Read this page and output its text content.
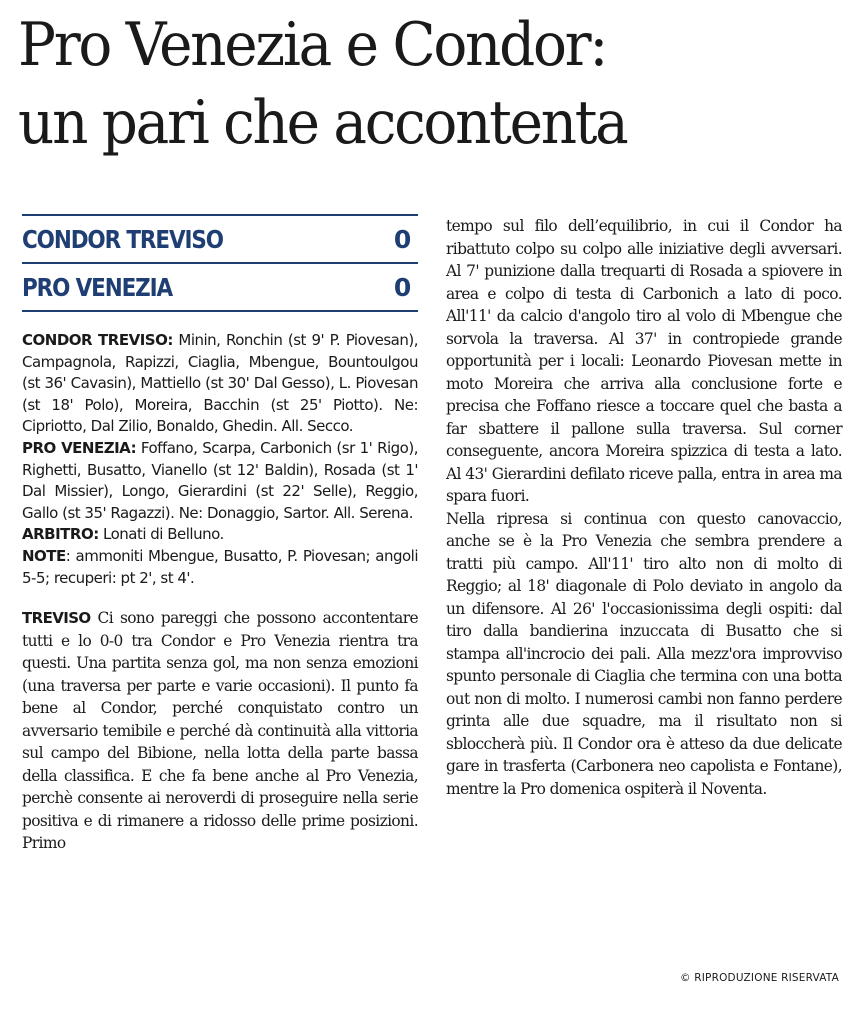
Pro Venezia e Condor:
un pari che accontenta
CONDOR TREVISO	0
PRO VENEZIA	0

CONDOR TREVISO: Minin, Ronchin (st 9' P. Piovesan), Campagnola, Rapizzi, Ciaglia, Mbengue, Bountoulgou (st 36' Cavasin), Mattiello (st 30' Dal Gesso), L. Piovesan (st 18' Polo), Moreira, Bacchin (st 25' Piotto). Ne: Cipriotto, Dal Zilio, Bonaldo, Ghedin. All. Secco.

PRO VENEZIA: Foffano, Scarpa, Carbonich (sr 1' Rigo), Righetti, Busatto, Vianello (st 12' Baldin), Rosada (st 1' Dal Missier), Longo, Gierardini (st 22' Selle), Reggio, Gallo (st 35' Ragazzi). Ne: Donaggio, Sartor. All. Serena.

ARBITRO: Lonati di Belluno.

NOTE: ammoniti Mbengue, Busatto, P. Piovesan; angoli 5-5; recuperi: pt 2', st 4'.

TREVISO Ci sono pareggi che possono accontentare tutti e lo 0-0 tra Condor e Pro Venezia rientra tra questi. Una partita senza gol, ma non senza emozioni (una traversa per parte e varie occasioni). Il punto fa bene al Condor, perché conquistato contro un avversario temibile e perché dà continuità alla vittoria sul campo del Bibione, nella lotta della parte bassa della classifica. E che fa bene anche al Pro Venezia, perchè consente ai neroverdi di proseguire nella serie positiva e di rimanere a ridosso delle prime posizioni. Primo

tempo sul filo dell’equilibrio, in cui il Condor ha ribattuto colpo su colpo alle iniziative degli avversari. Al 7' punizione dalla trequarti di Rosada a spiovere in area e colpo di testa di Carbonich a lato di poco. All'11' da calcio d'angolo tiro al volo di Mbengue che sorvola la traversa. Al 37' in contropiede grande opportunità per i locali: Leonardo Piovesan mette in moto Moreira che arriva alla conclusione forte e precisa che Foffano riesce a toccare quel che basta a far sbattere il pallone sulla traversa. Sul corner conseguente, ancora Moreira spizzica di testa a lato. Al 43' Gierardini defilato riceve palla, entra in area ma spara fuori.

Nella ripresa si continua con questo canovaccio, anche se è la Pro Venezia che sembra prendere a tratti più campo. All'11' tiro alto non di molto di Reggio; al 18' diagonale di Polo deviato in angolo da un difensore. Al 26' l'occasionissima degli ospiti: dal tiro dalla bandierina inzuccata di Busatto che si stampa all'incrocio dei pali. Alla mezz'ora improvviso spunto personale di Ciaglia che termina con una botta out non di molto. I numerosi cambi non fanno perdere grinta alle due squadre, ma il risultato non si sbloccherà più. Il Condor ora è atteso da due delicate gare in trasferta (Carbonera neo capolista e Fontane), mentre la Pro domenica ospiterà il Noventa.

© RIPRODUZIONE RISERVATA
